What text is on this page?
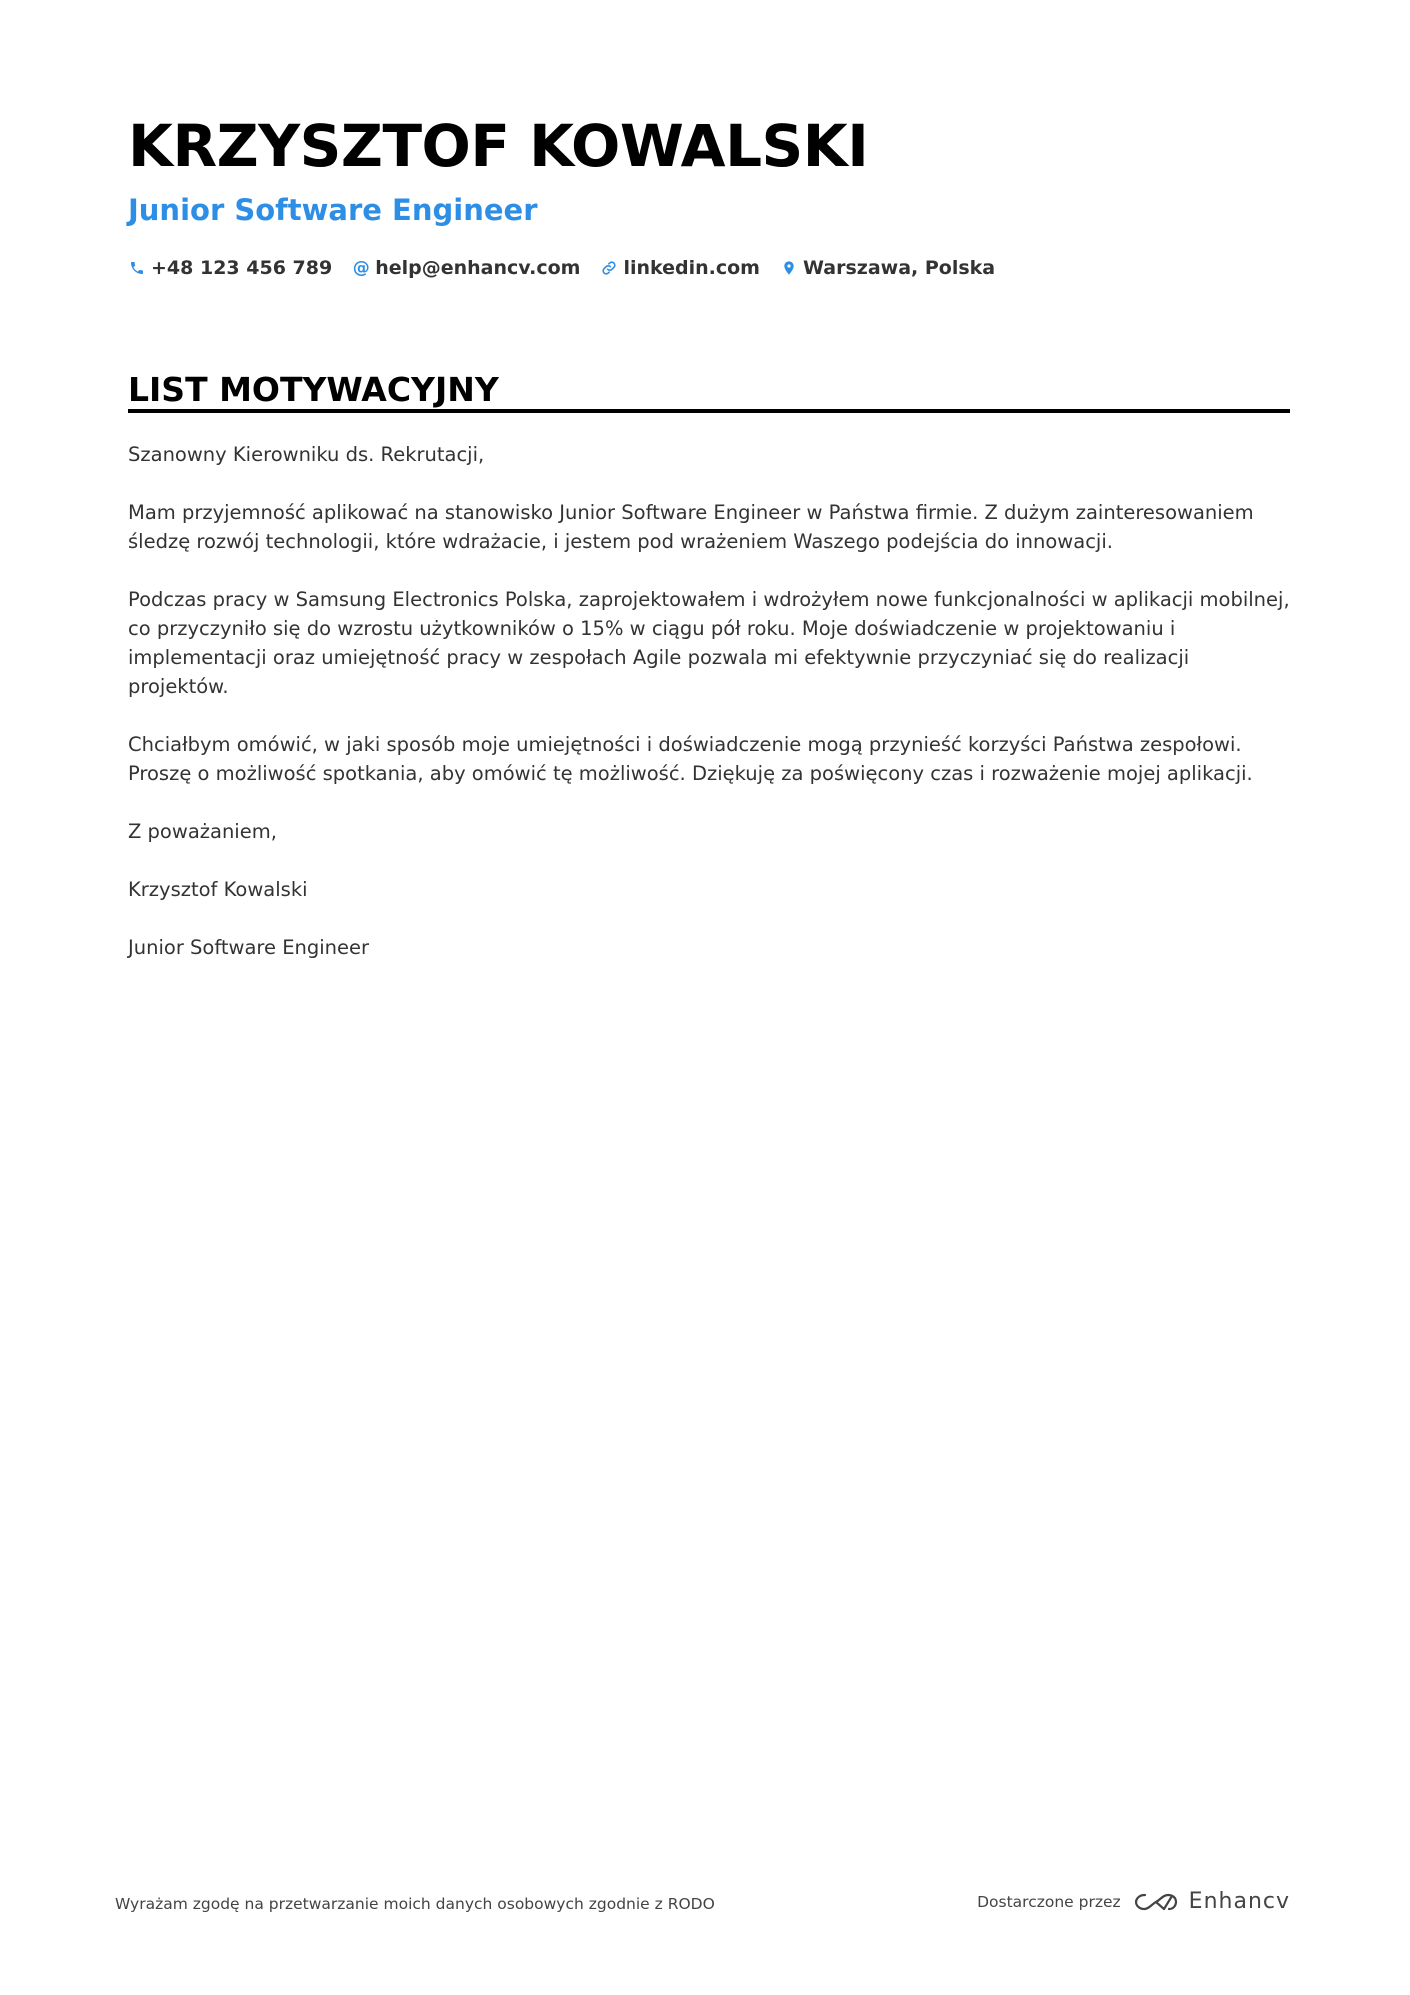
KRZYSZTOF KOWALSKI
Junior Software Engineer
+48 123 456 789 @ help@enhancv.com linkedin.com Warszawa, Polska
LIST MOTYWACYJNY

Szanowny Kierowniku ds. Rekrutacji,

Mam przyjemność aplikować na stanowisko Junior Software Engineer w Państwa firmie. Z dużym zainteresowaniem śledzę rozwój technologii, które wdrażacie, i jestem pod wrażeniem Waszego podejścia do innowacji.

Podczas pracy w Samsung Electronics Polska, zaprojektowałem i wdrożyłem nowe funkcjonalności w aplikacji mobilnej, co przyczyniło się do wzrostu użytkowników o 15% w ciągu pół roku. Moje doświadczenie w projektowaniu i implementacji oraz umiejętność pracy w zespołach Agile pozwala mi efektywnie przyczyniać się do realizacji projektów.

Chciałbym omówić, w jaki sposób moje umiejętności i doświadczenie mogą przynieść korzyści Państwa zespołowi. Proszę o możliwość spotkania, aby omówić tę możliwość. Dziękuję za poświęcony czas i rozważenie mojej aplikacji.

Z poważaniem,

Krzysztof Kowalski

Junior Software Engineer

Wyrażam zgodę na przetwarzanie moich danych osobowych zgodnie z RODO	Dostarczone przez	Enhancv
